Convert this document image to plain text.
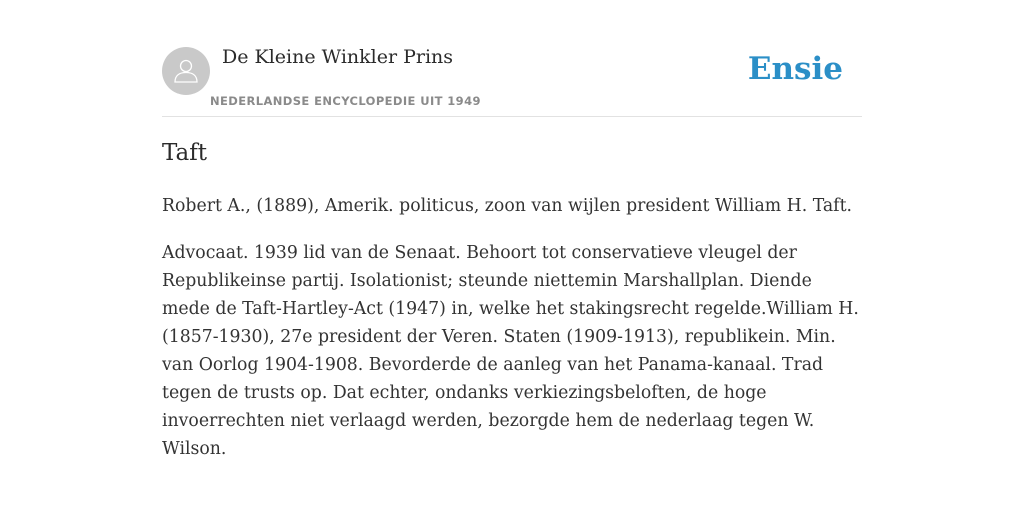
De Kleine Winkler Prins
NEDERLANDSE ENCYCLOPEDIE UIT 1949
Ensie
Taft

Robert A., (1889), Amerik. politicus, zoon van wijlen president William H. Taft.

Advocaat. 1939 lid van de Senaat. Behoort tot conservatieve vleugel der Republikeinse partij. Isolationist; steunde niettemin Marshallplan. Diende mede de Taft-Hartley-Act (1947) in, welke het stakingsrecht regelde.William H. (1857-1930), 27e president der Veren. Staten (1909-1913), republikein. Min. van Oorlog 1904-1908. Bevorderde de aanleg van het Panama-kanaal. Trad tegen de trusts op. Dat echter, ondanks verkiezingsbeloften, de hoge invoerrechten niet verlaagd werden, bezorgde hem de nederlaag tegen W. Wilson.
